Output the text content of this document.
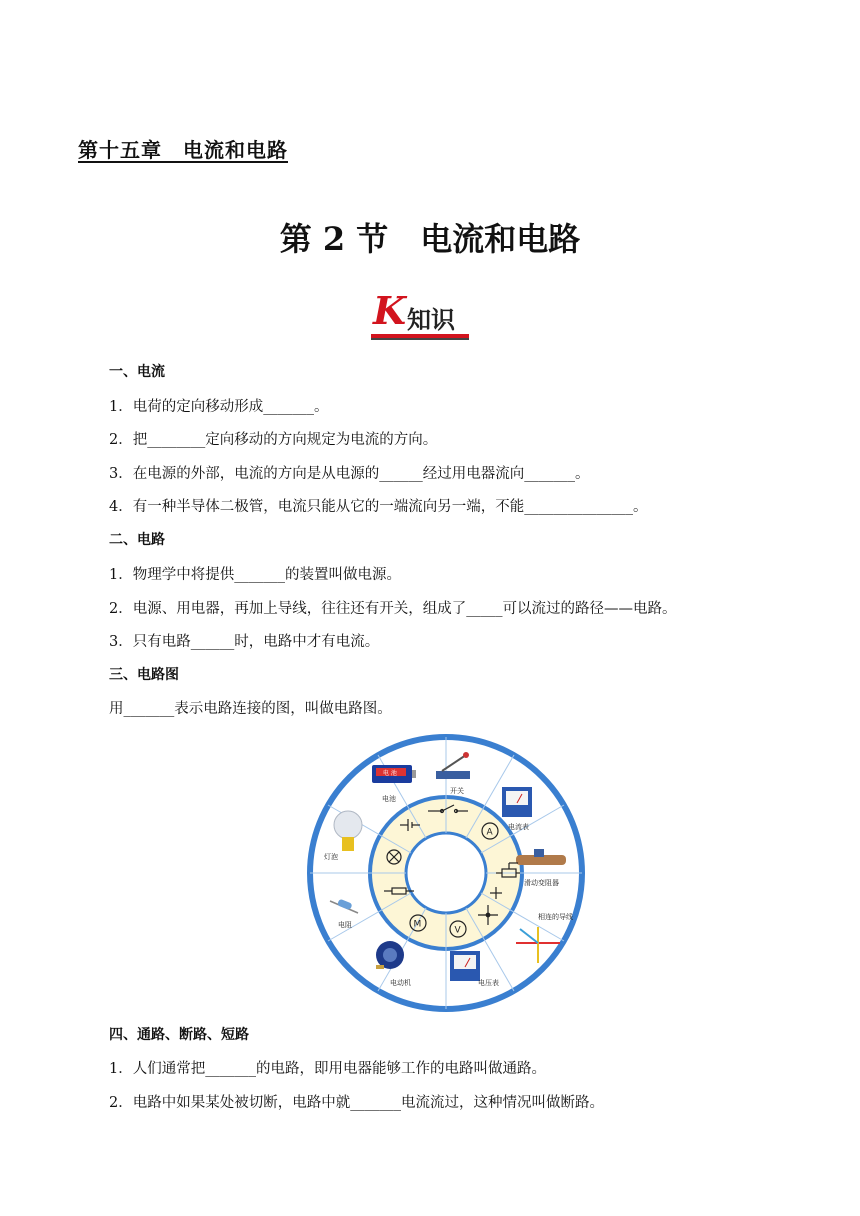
第十五章　电流和电路
第 2 节　电流和电路
K 知识
一、电流
1．电荷的定向移动形成_______。
2．把________定向移动的方向规定为电流的方向。
3．在电源的外部，电流的方向是从电源的______经过用电器流向_______。
4．有一种半导体二极管，电流只能从它的一端流向另一端，不能_______________。
二、电路
1．物理学中将提供_______的装置叫做电源。
2．电源、用电器，再加上导线，往往还有开关，组成了_____可以流过的路径——电路。
3．只有电路______时，电路中才有电流。
三、电路图
用_______表示电路连接的图，叫做电路图。
电 池
电池
开关
电流表
滑动变阻器
相连的导线
电压表
电动机
电阻
灯泡
A
V
M
四、通路、断路、短路
1．人们通常把_______的电路，即用电器能够工作的电路叫做通路。
2．电路中如果某处被切断，电路中就_______电流流过，这种情况叫做断路。
